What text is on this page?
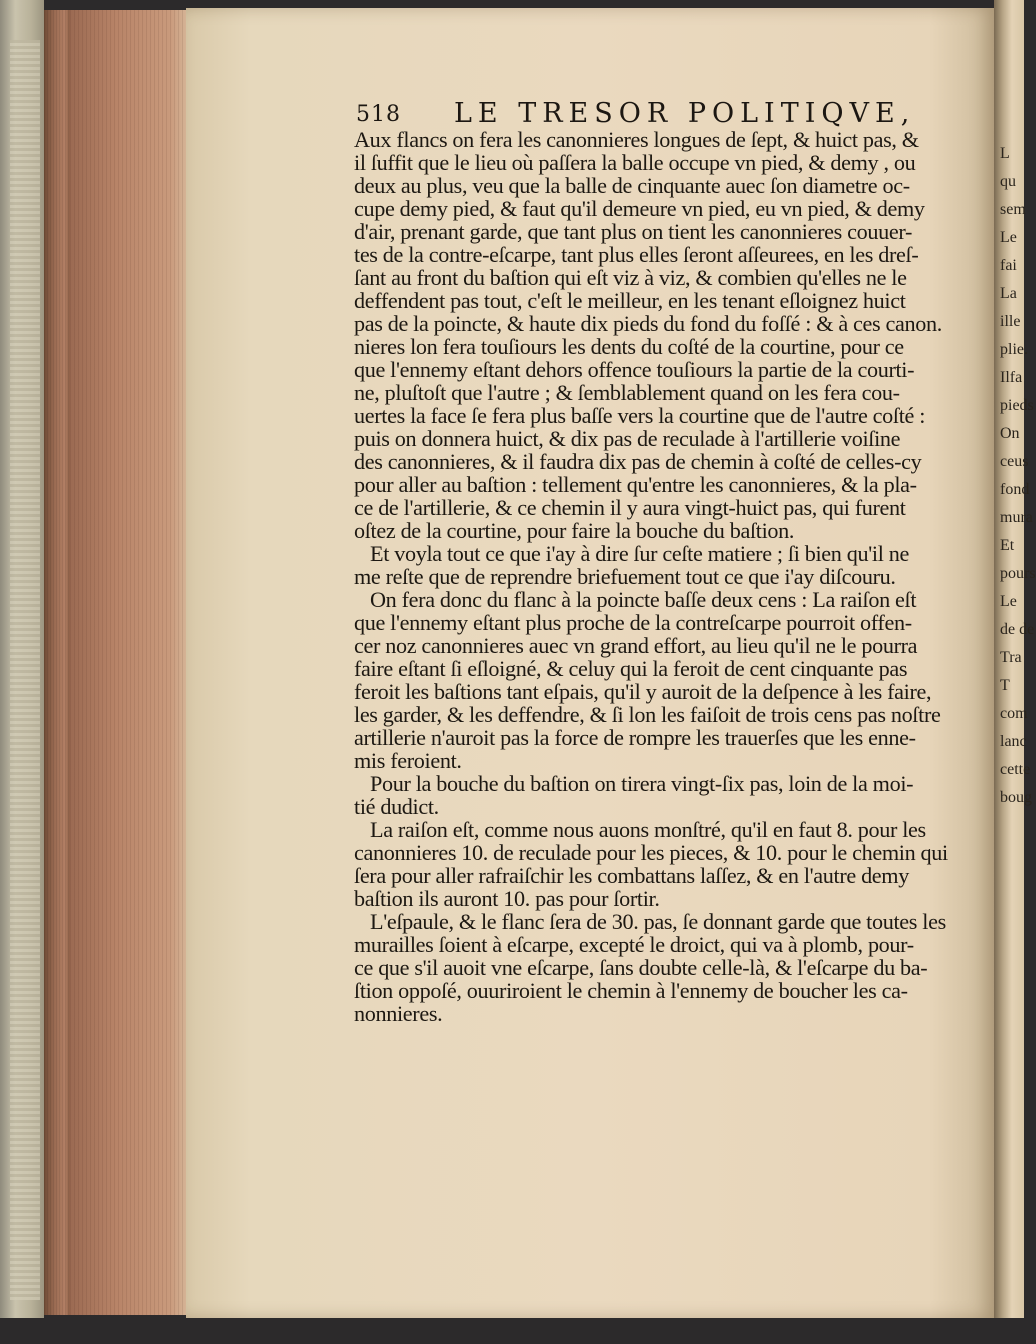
518 LE TRESOR POLITIQVE,
Aux flancs on fera les canonnieres longues de ſept, & huict pas, &
il ſuffit que le lieu où paſſera la balle occupe vn pied, & demy , ou
deux au plus, veu que la balle de cinquante auec ſon diametre oc-
cupe demy pied, & faut qu'il demeure vn pied, eu vn pied, & demy
d'air, prenant garde, que tant plus on tient les canonnieres couuer-
tes de la contre-eſcarpe, tant plus elles ſeront aſſeurees, en les dreſ-
ſant au front du baſtion qui eſt viz à viz, & combien qu'elles ne le
deffendent pas tout, c'eſt le meilleur, en les tenant eſloignez huict
pas de la poincte, & haute dix pieds du fond du foſſé : & à ces canon.
nieres lon fera touſiours les dents du coſté de la courtine, pour ce
que l'ennemy eſtant dehors offence touſiours la partie de la courti-
ne, pluſtoſt que l'autre ; & ſemblablement quand on les fera cou-
uertes la face ſe fera plus baſſe vers la courtine que de l'autre coſté :
puis on donnera huict, & dix pas de reculade à l'artillerie voiſine
des canonnieres, & il faudra dix pas de chemin à coſté de celles-cy
pour aller au baſtion : tellement qu'entre les canonnieres, & la pla-
ce de l'artillerie, & ce chemin il y aura vingt-huict pas, qui furent
oſtez de la courtine, pour faire la bouche du baſtion.
Et voyla tout ce que i'ay à dire ſur ceſte matiere ; ſi bien qu'il ne
me reſte que de reprendre briefuement tout ce que i'ay diſcouru.
On fera donc du flanc à la poincte baſſe deux cens : La raiſon eſt
que l'ennemy eſtant plus proche de la contreſcarpe pourroit offen-
cer noz canonnieres auec vn grand effort, au lieu qu'il ne le pourra
faire eſtant ſi eſloigné, & celuy qui la feroit de cent cinquante pas
feroit les baſtions tant eſpais, qu'il y auroit de la deſpence à les faire,
les garder, & les deffendre, & ſi lon les faiſoit de trois cens pas noſtre
artillerie n'auroit pas la force de rompre les trauerſes que les enne-
mis feroient.
Pour la bouche du baſtion on tirera vingt-ſix pas, loin de la moi-
tié dudict.
La raiſon eſt, comme nous auons monſtré, qu'il en faut 8. pour les
canonnieres 10. de reculade pour les pieces, & 10. pour le chemin qui
ſera pour aller rafraiſchir les combattans laſſez, & en l'autre demy
baſtion ils auront 10. pas pour ſortir.
L'eſpaule, & le flanc ſera de 30. pas, ſe donnant garde que toutes les
murailles ſoient à eſcarpe, excepté le droict, qui va à plomb, pour-
ce que s'il auoit vne eſcarpe, ſans doubte celle-là, & l'eſcarpe du ba-
ſtion oppoſé, ouuriroient le chemin à l'ennemy de boucher les ca-
nonnieres.
L
qu
sem
Le
fai
La
ille
plie.
Ilfa
pieds
On
ceus
fond
mura
Et
pours
Le
de de
Tra
T
com
lanc
cette
boug
